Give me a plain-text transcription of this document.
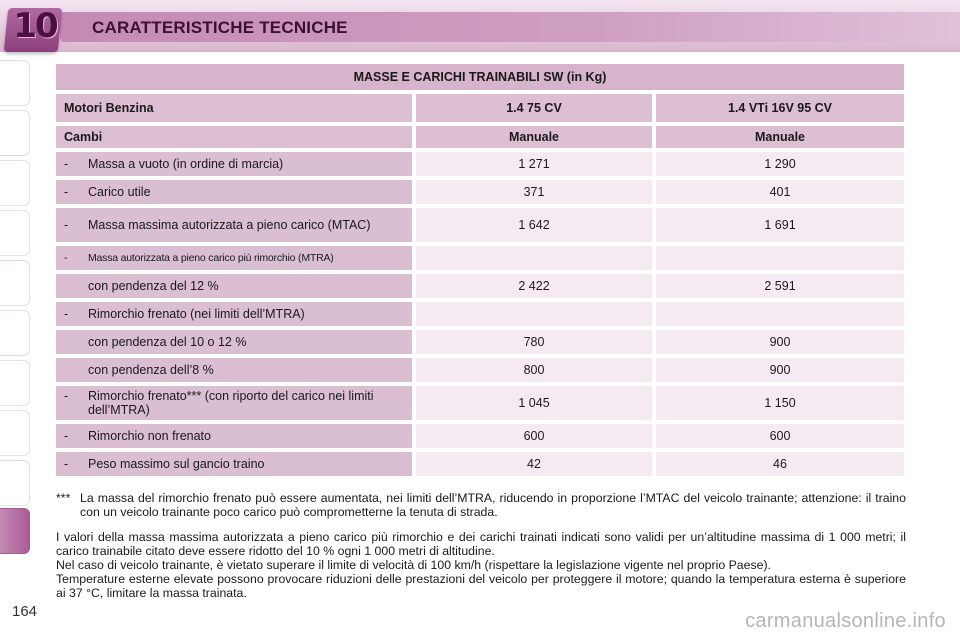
10 CARATTERISTICHE TECNICHE
MASSE E CARICHI TRAINABILI SW (in Kg)		
Motori Benzina	1.4 75 CV	1.4 VTi 16V 95 CV
Cambi	Manuale	Manuale
- Massa a vuoto (in ordine di marcia)	1 271	1 290
- Carico utile	371	401
- Massa massima autorizzata a pieno carico (MTAC)	1 642	1 691
- Massa autorizzata a pieno carico più rimorchio (MTRA)		
con pendenza del 12 %	2 422	2 591
- Rimorchio frenato (nei limiti dell’MTRA)		
con pendenza del 10 o 12 %	780	900
con pendenza dell’8 %	800	900
- Rimorchio frenato*** (con riporto del carico nei limiti dell’MTRA)	1 045	1 150
- Rimorchio non frenato	600	600
- Peso massimo sul gancio traino	42	46
*** La massa del rimorchio frenato può essere aumentata, nei limiti dell’MTRA, riducendo in proporzione l’MTAC del veicolo trainante; attenzione: il traino con un veicolo trainante poco carico può comprometterne la tenuta di strada.
I valori della massa massima autorizzata a pieno carico più rimorchio e dei carichi trainati indicati sono validi per un’altitudine massima di 1 000 metri; il carico trainabile citato deve essere ridotto del 10 % ogni 1 000 metri di altitudine.
Nel caso di veicolo trainante, è vietato superare il limite di velocità di 100 km/h (rispettare la legislazione vigente nel proprio Paese).
Temperature esterne elevate possono provocare riduzioni delle prestazioni del veicolo per proteggere il motore; quando la temperatura esterna è superiore ai 37 °C, limitare la massa trainata.
164	carmanualsonline.info
